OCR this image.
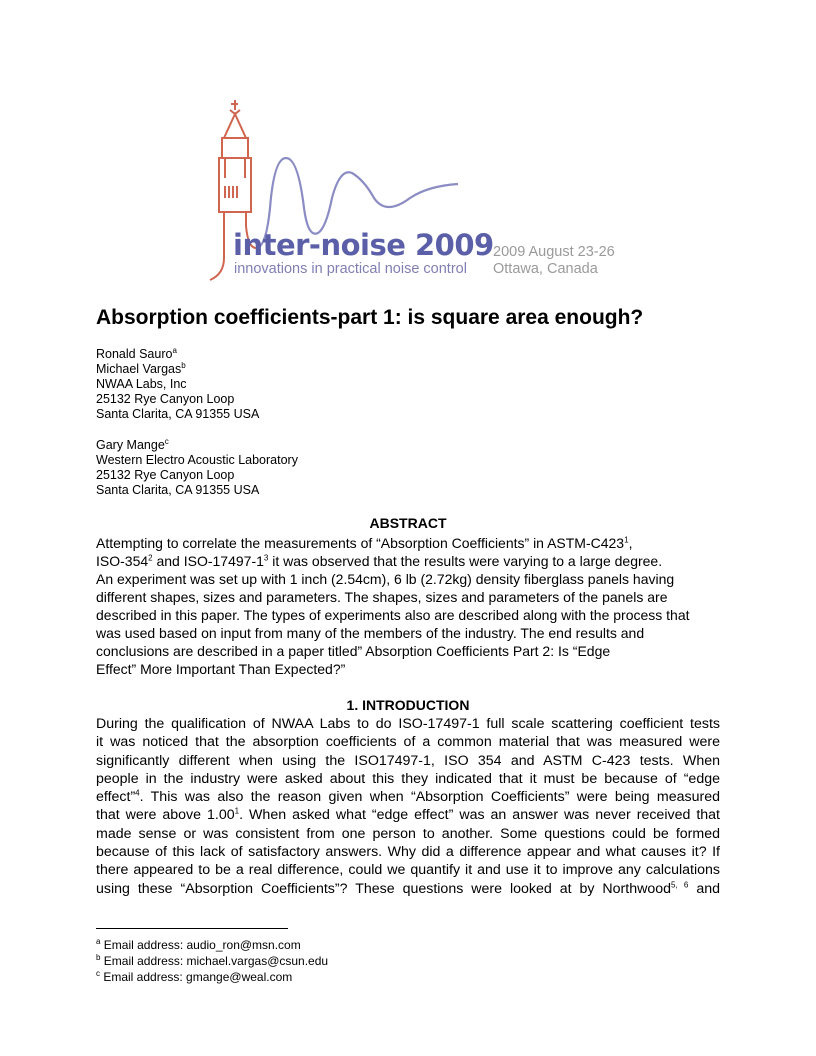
inter-noise 2009
innovations in practical noise control
2009 August 23-26
Ottawa, Canada
Absorption coefficients-part 1: is square area enough?
Ronald Sauro$^a$
Michael Vargas$^b$
NWAA Labs, Inc
25132 Rye Canyon Loop
Santa Clarita, CA 91355 USA
Gary Mange$^c$
Western Electro Acoustic Laboratory
25132 Rye Canyon Loop
Santa Clarita, CA 91355 USA
ABSTRACT
Attempting to correlate the measurements of “Absorption Coefficients” in ASTM-$C423^1$,
ISO-$354^2$ and ISO-$17497-1^3$ it was observed that the results were varying to a large degree.
An experiment was set up with 1 inch (2.54cm), 6 lb (2.72kg) density fiberglass panels having
different shapes, sizes and parameters. The shapes, sizes and parameters of the panels are
described in this paper. The types of experiments also are described along with the process that
was used based on input from many of the members of the industry. The end results and
conclusions are described in a paper titled” Absorption Coefficients Part 2: Is “Edge
Effect” More Important Than Expected?”
1. INTRODUCTION
During the qualification of NWAA Labs to do ISO-17497-1 full scale scattering coefficient tests
it was noticed that the absorption coefficients of a common material that was measured were
significantly different when using the ISO17497-1, ISO 354 and ASTM C-423 tests. When
people in the industry were asked about this they indicated that it must be because of “edge
effect”$^4$. This was also the reason given when “Absorption Coefficients” were being measured
that were above 1.00$^1$. When asked what “edge effect” was an answer was never received that
made sense or was consistent from one person to another. Some questions could be formed
because of this lack of satisfactory answers. Why did a difference appear and what causes it? If
there appeared to be a real difference, could we quantify it and use it to improve any calculations
using these “Absorption Coefficients”? These questions were looked at by Northwood$^{5, 6}$ and
$^a$ Email address: audio_ron@msn.com
$^b$ Email address: michael.vargas@csun.edu
$^c$ Email address: gmange@weal.com
